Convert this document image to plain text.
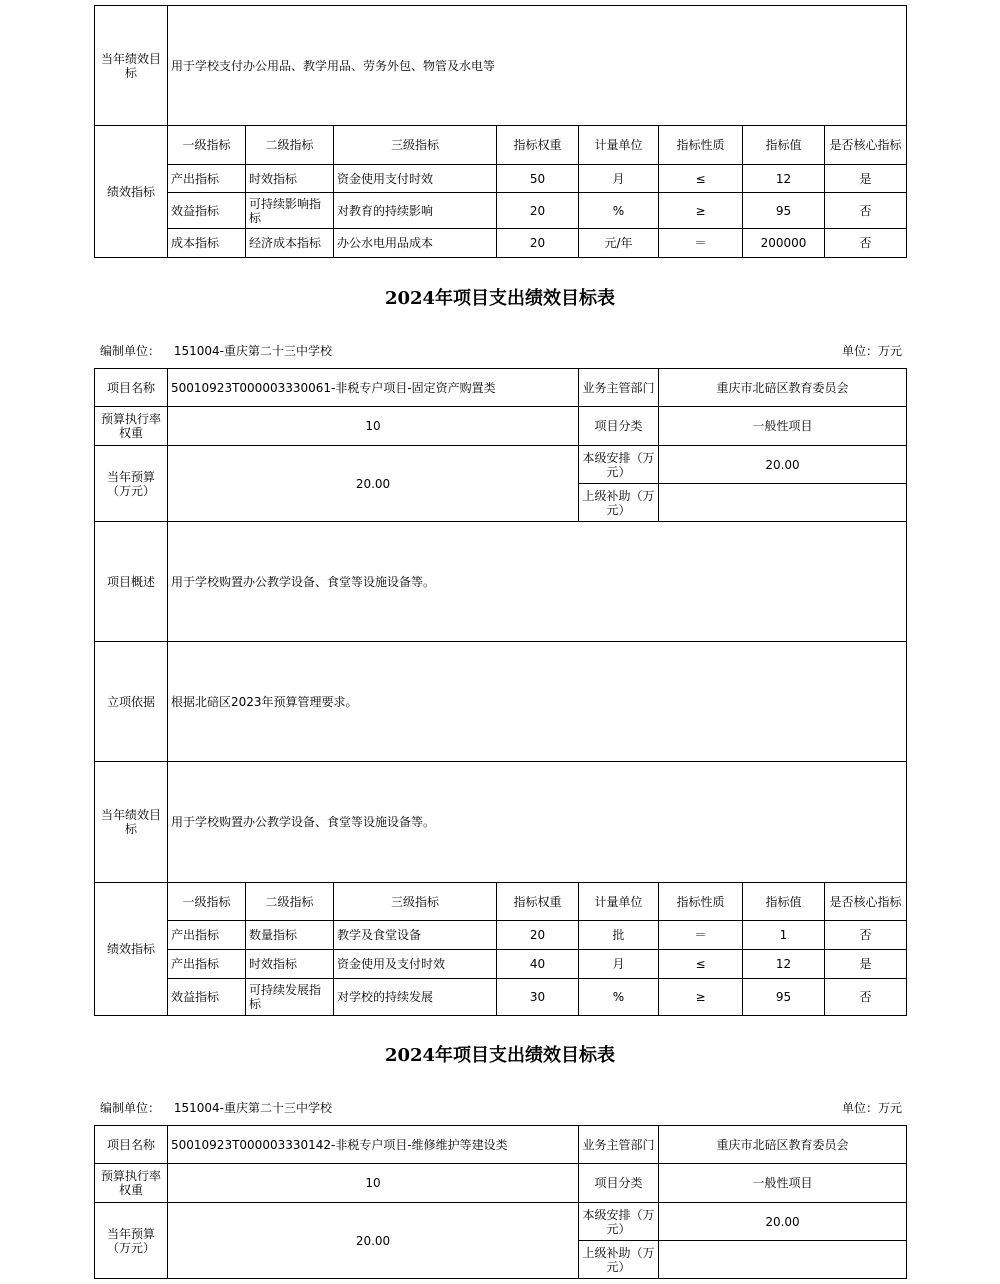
当年绩效目标	用于学校支付办公用品、教学用品、劳务外包、物管及水电等							
绩效指标	一级指标	二级指标	三级指标	指标权重	计量单位	指标性质	指标值	是否核心指标
	产出指标	时效指标	资金使用支付时效	50	月	≤	12	是
	效益指标	可持续影响指标	对教育的持续影响	20	%	≥	95	否
	成本指标	经济成本指标	办公水电用品成本	20	元/年	＝	200000	否
2024年项目支出绩效目标表
编制单位： 151004-重庆第二十三中学校	单位：万元
项目名称	50010923T000003330061-非税专户项目-固定资产购置类				业务主管部门	重庆市北碚区教育委员会		
预算执行率权重	10				项目分类	一般性项目		
当年预算（万元）	20.00				本级安排（万元）	20.00		
					上级补助（万元）			
项目概述	用于学校购置办公教学设备、食堂等设施设备等。							
立项依据	根据北碚区2023年预算管理要求。							
当年绩效目标	用于学校购置办公教学设备、食堂等设施设备等。							
绩效指标	一级指标	二级指标	三级指标	指标权重	计量单位	指标性质	指标值	是否核心指标
	产出指标	数量指标	教学及食堂设备	20	批	＝	1	否
	产出指标	时效指标	资金使用及支付时效	40	月	≤	12	是
	效益指标	可持续发展指标	对学校的持续发展	30	%	≥	95	否
2024年项目支出绩效目标表
编制单位： 151004-重庆第二十三中学校	单位：万元
项目名称	50010923T000003330142-非税专户项目-维修维护等建设类	业务主管部门	重庆市北碚区教育委员会
预算执行率权重	10	项目分类	一般性项目
当年预算（万元）	20.00	本级安排（万元）	20.00
		上级补助（万元）	
